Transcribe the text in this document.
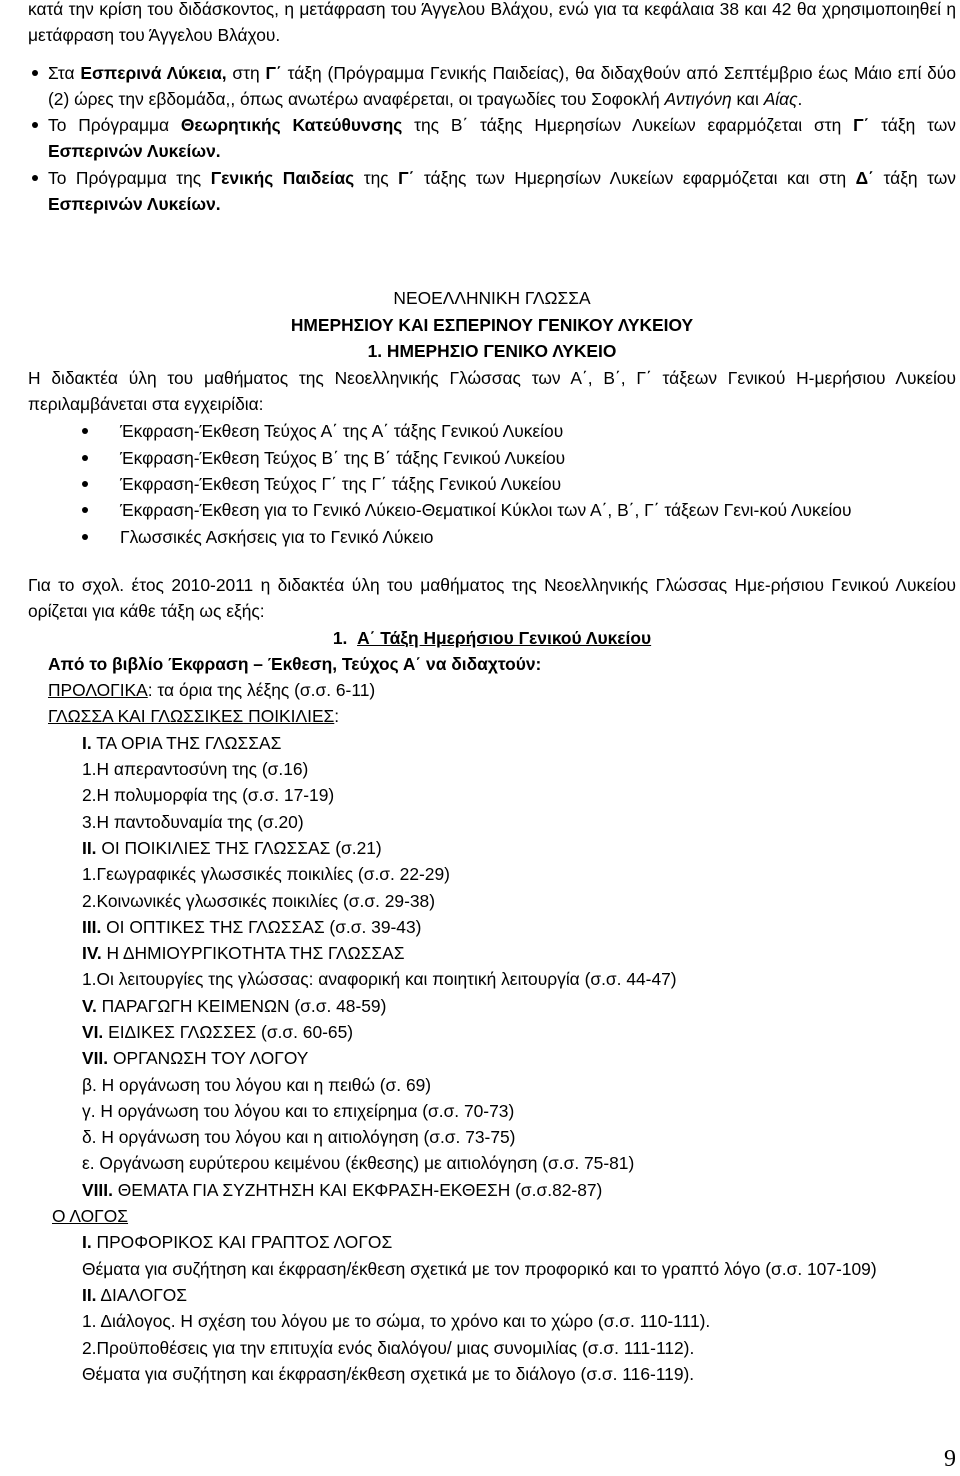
κατά την κρίση του διδάσκοντος, η μετάφραση του Άγγελου Βλάχου, ενώ για τα κεφάλαια 38 και 42 θα χρησιμοποιηθεί η μετάφραση του Άγγελου Βλάχου.

Στα Εσπερινά Λύκεια, στη Γ΄ τάξη (Πρόγραμμα Γενικής Παιδείας), θα διδαχθούν από Σεπτέμβριο έως Μάιο επί δύο (2) ώρες την εβδομάδα,, όπως ανωτέρω αναφέρεται, οι τραγωδίες του Σοφοκλή Αντιγόνη και Αίας.

Το Πρόγραμμα Θεωρητικής Κατεύθυνσης της Β΄ τάξης Ημερησίων Λυκείων εφαρμόζεται στη Γ΄ τάξη των Εσπερινών Λυκείων.

Το Πρόγραμμα της Γενικής Παιδείας της Γ΄ τάξης των Ημερησίων Λυκείων εφαρμόζεται και στη Δ΄ τάξη των Εσπερινών Λυκείων.

ΝΕΟΕΛΛΗΝΙΚΗ ΓΛΩΣΣΑ
ΗΜΕΡΗΣΙΟΥ ΚΑΙ ΕΣΠΕΡΙΝΟΥ ΓΕΝΙΚΟΥ ΛΥΚΕΙΟΥ
1. ΗΜΕΡΗΣΙΟ ΓΕΝΙΚΟ ΛΥΚΕΙΟ

Η διδακτέα ύλη του μαθήματος της Νεοελληνικής Γλώσσας των Α΄, Β΄, Γ΄ τάξεων Γενικού Η-μερήσιου Λυκείου περιλαμβάνεται στα εγχειρίδια:

Έκφραση-Έκθεση Τεύχος Α΄ της Α΄ τάξης Γενικού Λυκείου

Έκφραση-Έκθεση Τεύχος Β΄ της Β΄ τάξης Γενικού Λυκείου

Έκφραση-Έκθεση Τεύχος Γ΄ της Γ΄ τάξης Γενικού Λυκείου

Έκφραση-Έκθεση για το Γενικό Λύκειο-Θεματικοί Κύκλοι των Α΄, Β΄, Γ΄ τάξεων Γενι-κού Λυκείου

Γλωσσικές Ασκήσεις για το Γενικό Λύκειο

Για το σχολ. έτος 2010-2011 η διδακτέα ύλη του μαθήματος της Νεοελληνικής Γλώσσας Ημε-ρήσιου Γενικού Λυκείου ορίζεται για κάθε τάξη ως εξής:

1. Α΄ Τάξη Ημερήσιου Γενικού Λυκείου

Από το βιβλίο Έκφραση – Έκθεση, Τεύχος Α΄ να διδαχτούν:

ΠΡΟΛΟΓΙΚΑ: τα όρια της λέξης (σ.σ. 6-11)

ΓΛΩΣΣΑ ΚΑΙ ΓΛΩΣΣΙΚΕΣ ΠΟΙΚΙΛΙΕΣ:

Ι. ΤΑ ΟΡΙΑ ΤΗΣ ΓΛΩΣΣΑΣ

1.Η απεραντοσύνη της (σ.16)

2.Η πολυμορφία της (σ.σ. 17-19)

3.Η παντοδυναμία της (σ.20)

ΙΙ. ΟΙ ΠΟΙΚΙΛΙΕΣ ΤΗΣ ΓΛΩΣΣΑΣ (σ.21)

1.Γεωγραφικές γλωσσικές ποικιλίες (σ.σ. 22-29)

2.Κοινωνικές γλωσσικές ποικιλίες (σ.σ. 29-38)

ΙΙΙ. ΟΙ ΟΠΤΙΚΕΣ ΤΗΣ ΓΛΩΣΣΑΣ (σ.σ. 39-43)

ΙV. Η ΔΗΜΙΟΥΡΓΙΚΟΤΗΤΑ ΤΗΣ ΓΛΩΣΣΑΣ

1.Οι λειτουργίες της γλώσσας: αναφορική και ποιητική λειτουργία (σ.σ. 44-47)

V. ΠΑΡΑΓΩΓΗ ΚΕΙΜΕΝΩΝ (σ.σ. 48-59)

VI. ΕΙΔΙΚΕΣ ΓΛΩΣΣΕΣ (σ.σ. 60-65)

VII. ΟΡΓΑΝΩΣΗ ΤΟΥ ΛΟΓΟΥ

β. Η οργάνωση του λόγου και η πειθώ (σ. 69)

γ. Η οργάνωση του λόγου και το επιχείρημα (σ.σ. 70-73)

δ. Η οργάνωση του λόγου και η αιτιολόγηση (σ.σ. 73-75)

ε. Οργάνωση ευρύτερου κειμένου (έκθεσης) με αιτιολόγηση (σ.σ. 75-81)

VIII. ΘΕΜΑΤΑ ΓΙΑ ΣΥΖΗΤΗΣΗ ΚΑΙ ΕΚΦΡΑΣΗ-ΕΚΘΕΣΗ (σ.σ.82-87)

Ο ΛΟΓΟΣ

Ι. ΠΡΟΦΟΡΙΚΟΣ ΚΑΙ ΓΡΑΠΤΟΣ ΛΟΓΟΣ

Θέματα για συζήτηση και έκφραση/έκθεση σχετικά με τον προφορικό και το γραπτό λόγο (σ.σ. 107-109)

ΙΙ. ΔΙΑΛΟΓΟΣ

1. Διάλογος. Η σχέση του λόγου με το σώμα, το χρόνο και το χώρο (σ.σ. 110-111).

2.Προϋποθέσεις για την επιτυχία ενός διαλόγου/ μιας συνομιλίας (σ.σ. 111-112).

Θέματα για συζήτηση και έκφραση/έκθεση σχετικά με το διάλογο (σ.σ. 116-119).

9
